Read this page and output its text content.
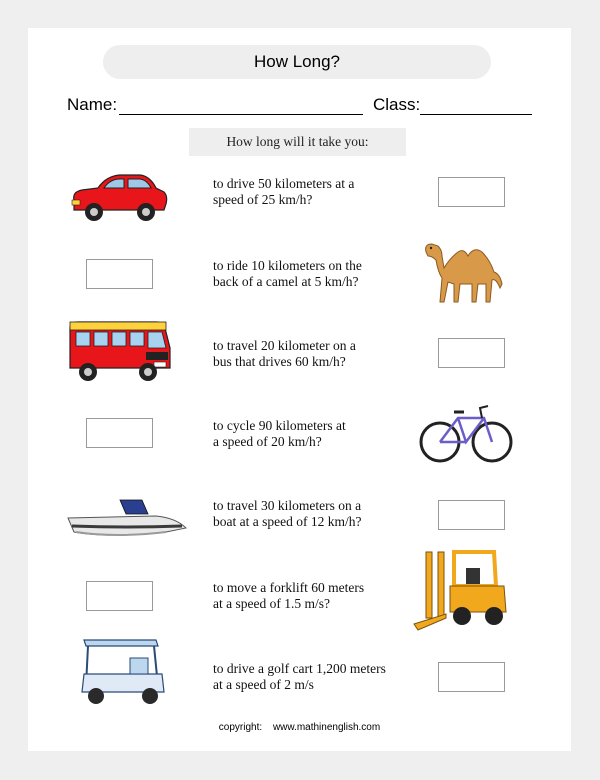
How Long?
Name:	Class:
How long will it take you:
to drive 50 kilometers at a
speed of 25 km/h?
to ride 10 kilometers on the
back of a camel at 5 km/h?
to travel 20 kilometer on a
bus that drives 60 km/h?
to cycle 90 kilometers at
a speed of 20 km/h?
to travel 30 kilometers on a
boat at a speed of 12 km/h?
to move a forklift 60 meters
at a speed of 1.5 m/s?
to drive a golf cart 1,200 meters
at a speed of 2 m/s
copyright: www.mathinenglish.com
